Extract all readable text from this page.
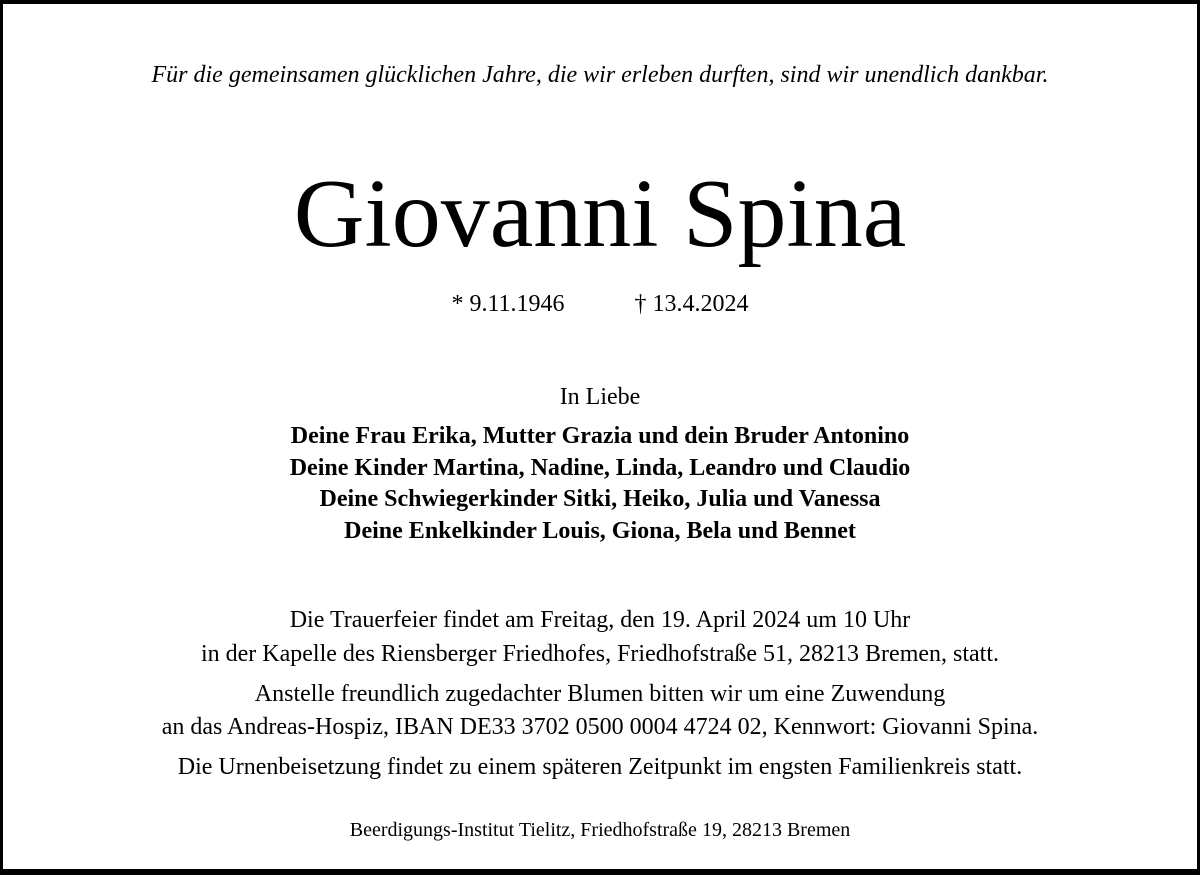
Für die gemeinsamen glücklichen Jahre, die wir erleben durften, sind wir unendlich dankbar.

Giovanni Spina
* 9.11.1946	† 13.4.2024

In Liebe

Deine Frau Erika, Mutter Grazia und dein Bruder Antonino

Deine Kinder Martina, Nadine, Linda, Leandro und Claudio

Deine Schwiegerkinder Sitki, Heiko, Julia und Vanessa

Deine Enkelkinder Louis, Giona, Bela und Bennet

Die Trauerfeier findet am Freitag, den 19. April 2024 um 10 Uhr

in der Kapelle des Riensberger Friedhofes, Friedhofstraße 51, 28213 Bremen, statt.

Anstelle freundlich zugedachter Blumen bitten wir um eine Zuwendung

an das Andreas-Hospiz, IBAN DE33 3702 0500 0004 4724 02, Kennwort: Giovanni Spina.

Die Urnenbeisetzung findet zu einem späteren Zeitpunkt im engsten Familienkreis statt.

Beerdigungs-Institut Tielitz, Friedhofstraße 19, 28213 Bremen
